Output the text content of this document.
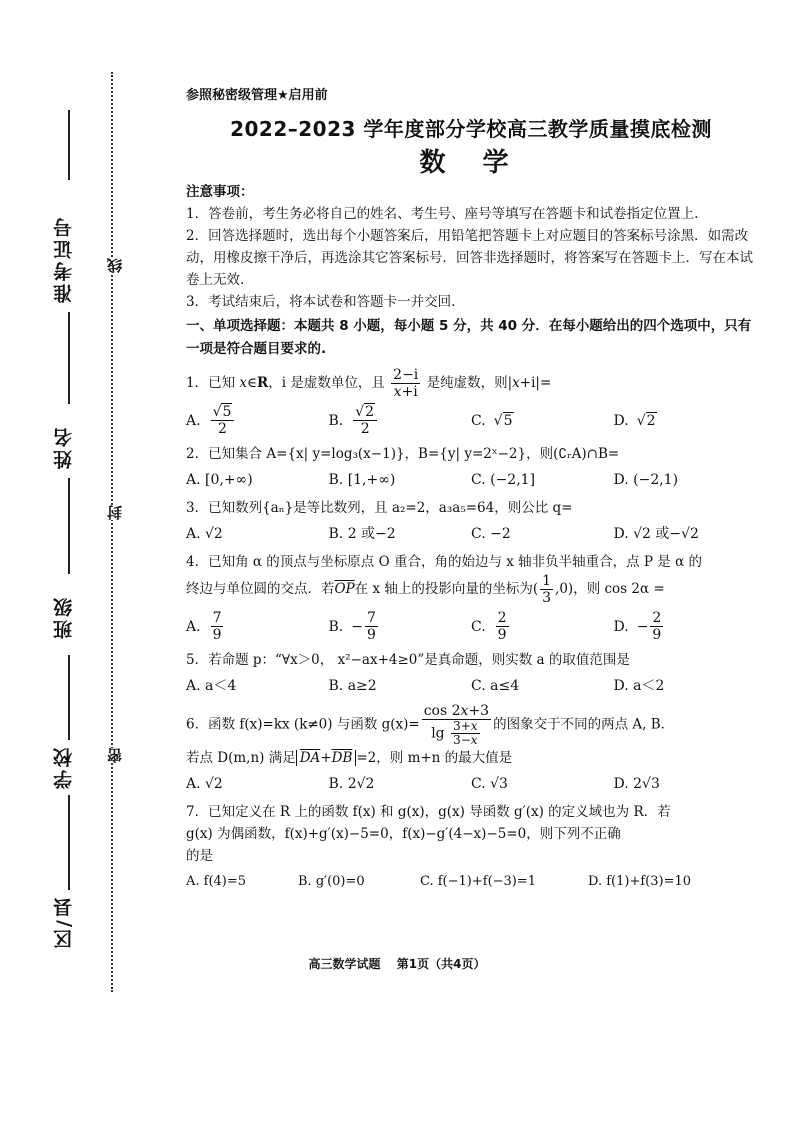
准考证号
姓名
班级
学校
区/县
线
封
密

参照秘密级管理★启用前

2022–2023 学年度部分学校高三教学质量摸底检测
数 学

注意事项：

1．答卷前，考生务必将自己的姓名、考生号、座号等填写在答题卡和试卷指定位置上.

2．回答选择题时，选出每个小题答案后，用铅笔把答题卡上对应题目的答案标号涂黑．如需改动，用橡皮擦干净后，再选涂其它答案标号．回答非选择题时，将答案写在答题卡上．写在本试卷上无效.

3．考试结束后，将本试卷和答题卡一并交回.

一、单项选择题：本题共 8 小题，每小题 5 分，共 40 分．在每小题给出的四个选项中，只有一项是符合题目要求的.

1．已知 x∈R，i 是虚数单位，且 $\frac{2-i}{x+i}$ 是纯虚数，则|x+i|=

A. $\frac{√5}{2}$	B. $\frac{√2}{2}$	C. √5	D. √2

2．已知集合 A={x| y=log₃(x−1)}，B={y| y=2ˣ−2}，则(∁ᵣA)∩B=

A. [0,+∞)	B. [1,+∞)	C. (−2,1]	D. (−2,1)

3．已知数列{aₙ}是等比数列，且 a₂=2，a₃a₅=64，则公比 q=

A. √2	B. 2 或−2	C. −2	D. √2 或−√2

4．已知角 α 的顶点与坐标原点 O 重合，角的始边与 x 轴非负半轴重合，点 P 是 α 的

终边与单位圆的交点．若$\overline{OP}$在 x 轴上的投影向量的坐标为( $\frac{1}{3} ,0$)，则 cos 2α =

A. $\frac{7}{9}$	B. − $\frac{7}{9}$	C. $\frac{2}{9}$	D. − $\frac{2}{9}$

5．若命题 p：“∀x＞0， x²−ax+4≥0”是真命题，则实数 a 的取值范围是

A. a＜4	B. a≥2	C. a≤4	D. a＜2

6．函数 f(x)=kx (k≠0) 与函数 $g(x)= \frac{\cos 2x+3}{\lg \frac{3+x}{3-x}}$ 的图象交于不同的两点 A, B．

若点 D(m,n) 满足 $\overline{DA}+\overline{DB} =2$，则 m+n 的最大值是

A. √2	B. 2√2	C. √3	D. 2√3

7．已知定义在 R 上的函数 f(x) 和 g(x)，g(x) 导函数 g′(x) 的定义域也为 R．若

g(x) 为偶函数，f(x)+g′(x)−5=0，f(x)−g′(4−x)−5=0，则下列不正确

的是

A. f(4)=5	B. g′(0)=0	C. f(−1)+f(−3)=1	D. f(1)+f(3)=10
高三数学试题 第1页（共4页）
